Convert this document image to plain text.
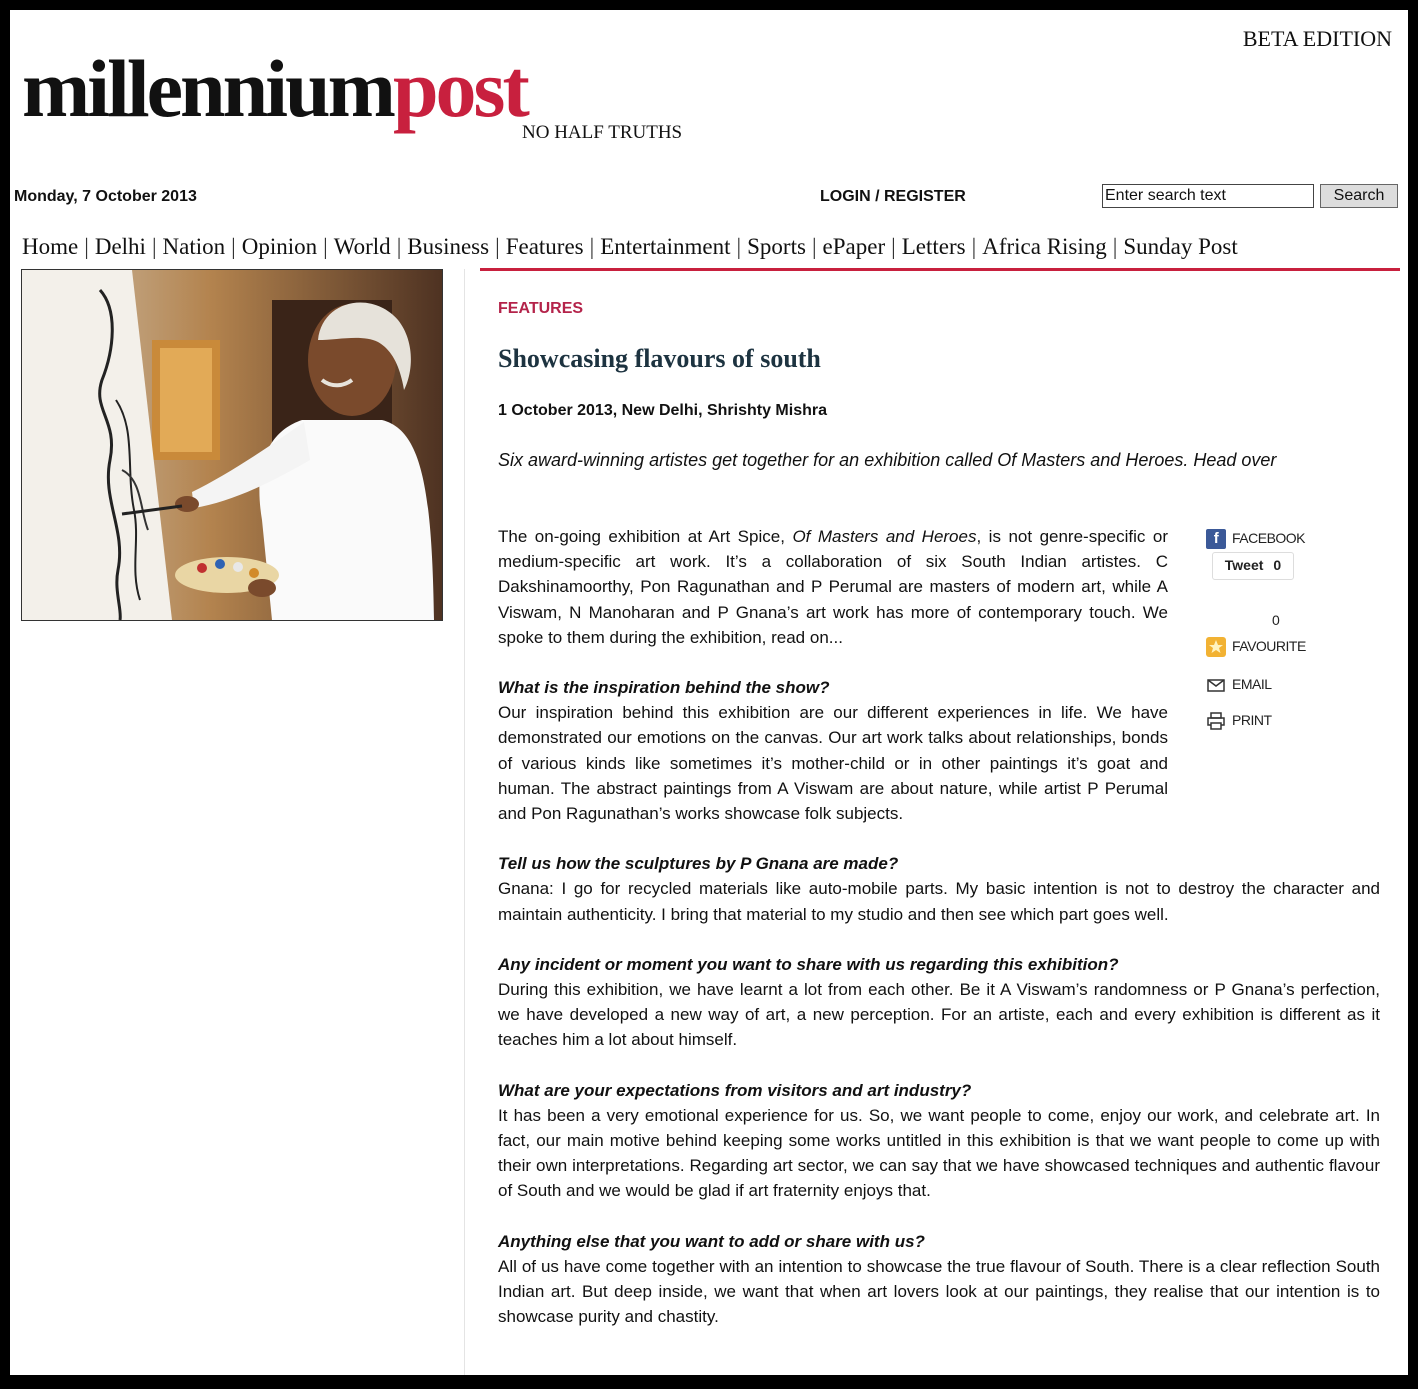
BETA EDITION
millenniumpost
NO HALF TRUTHS
Monday, 7 October 2013	LOGIN / REGISTER
Enter search text	Search
Home | Delhi | Nation | Opinion | World | Business | Features | Entertainment | Sports | ePaper | Letters | Africa Rising | Sunday Post
FEATURES
Showcasing flavours of south
1 October 2013, New Delhi, Shrishty Mishra
Six award-winning artistes get together for an exhibition called Of Masters and Heroes. Head over
f FACEBOOK
Tweet 0
0
FAVOURITE
EMAIL
PRINT

The on-going exhibition at Art Spice, Of Masters and Heroes, is not genre-specific or medium-specific art work. It’s a collaboration of six South Indian artistes. C Dakshinamoorthy, Pon Ragunathan and P Perumal are masters of modern art, while A Viswam, N Manoharan and P Gnana’s art work has more of contemporary touch. We spoke to them during the exhibition, read on...

What is the inspiration behind the show?
Our inspiration behind this exhibition are our different experiences in life. We have demonstrated our emotions on the canvas. Our art work talks about relationships, bonds of various kinds like sometimes it’s mother-child or in other paintings it’s goat and human. The abstract paintings from A Viswam are about nature, while artist P Perumal and Pon Ragunathan’s works showcase folk subjects.

Tell us how the sculptures by P Gnana are made?
Gnana: I go for recycled materials like auto-mobile parts. My basic intention is not to destroy the character and maintain authenticity. I bring that material to my studio and then see which part goes well.

Any incident or moment you want to share with us regarding this exhibition?
During this exhibition, we have learnt a lot from each other. Be it A Viswam’s randomness or P Gnana’s perfection, we have developed a new way of art, a new perception. For an artiste, each and every exhibition is different as it teaches him a lot about himself.

What are your expectations from visitors and art industry?
It has been a very emotional experience for us. So, we want people to come, enjoy our work, and celebrate art. In fact, our main motive behind keeping some works untitled in this exhibition is that we want people to come up with their own interpretations. Regarding art sector, we can say that we have showcased techniques and authentic flavour of South and we would be glad if art fraternity enjoys that.

Anything else that you want to add or share with us?
All of us have come together with an intention to showcase the true flavour of South. There is a clear reflection South Indian art. But deep inside, we want that when art lovers look at our paintings, they realise that our intention is to showcase purity and chastity.
